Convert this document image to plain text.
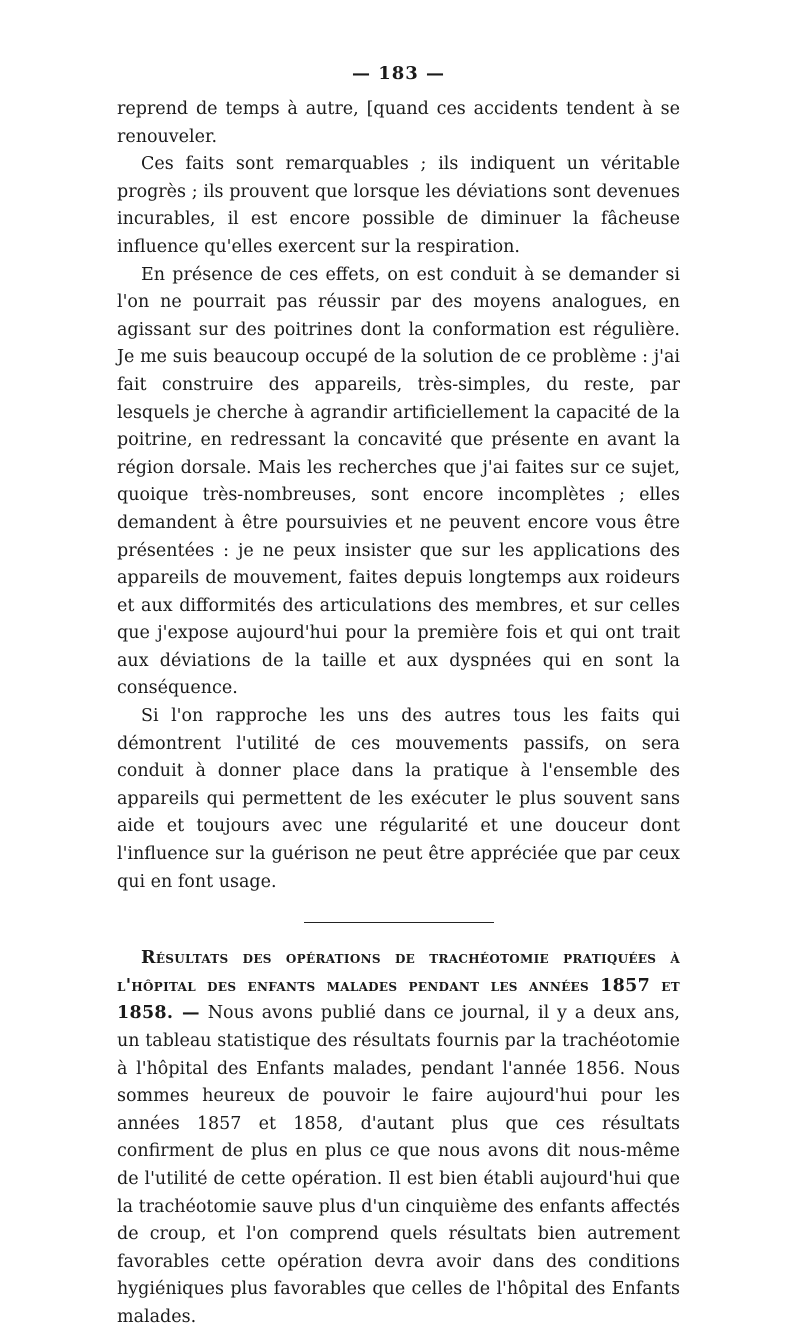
— 183 —

reprend de temps à autre, [quand ces accidents tendent à se renouveler.

Ces faits sont remarquables ; ils indiquent un véritable progrès ; ils prouvent que lorsque les déviations sont devenues incurables, il est encore possible de diminuer la fâcheuse influence qu'elles exercent sur la respiration.

En présence de ces effets, on est conduit à se demander si l'on ne pourrait pas réussir par des moyens analogues, en agissant sur des poitrines dont la conformation est régulière. Je me suis beaucoup occupé de la solution de ce problème : j'ai fait construire des appareils, très-simples, du reste, par lesquels je cherche à agrandir artificiellement la capacité de la poitrine, en redressant la concavité que présente en avant la région dorsale. Mais les recherches que j'ai faites sur ce sujet, quoique très-nombreuses, sont encore incomplètes ; elles demandent à être poursuivies et ne peuvent encore vous être présentées : je ne peux insister que sur les applications des appareils de mouvement, faites depuis longtemps aux roideurs et aux difformités des articulations des membres, et sur celles que j'expose aujourd'hui pour la première fois et qui ont trait aux déviations de la taille et aux dyspnées qui en sont la conséquence.

Si l'on rapproche les uns des autres tous les faits qui démontrent l'utilité de ces mouvements passifs, on sera conduit à donner place dans la pratique à l'ensemble des appareils qui permettent de les exécuter le plus souvent sans aide et toujours avec une régularité et une douceur dont l'influence sur la guérison ne peut être appréciée que par ceux qui en font usage.

Résultats des opérations de trachéotomie pratiquées à l'hôpital des enfants malades pendant les années 1857 et 1858. — Nous avons publié dans ce journal, il y a deux ans, un tableau statistique des résultats fournis par la trachéotomie à l'hôpital des Enfants malades, pendant l'année 1856. Nous sommes heureux de pouvoir le faire aujourd'hui pour les années 1857 et 1858, d'autant plus que ces résultats confirment de plus en plus ce que nous avons dit nous-même de l'utilité de cette opération. Il est bien établi aujourd'hui que la trachéotomie sauve plus d'un cinquième des enfants affectés de croup, et l'on comprend quels résultats bien autrement favorables cette opération devra avoir dans des conditions hygiéniques plus favorables que celles de l'hôpital des Enfants malades.
